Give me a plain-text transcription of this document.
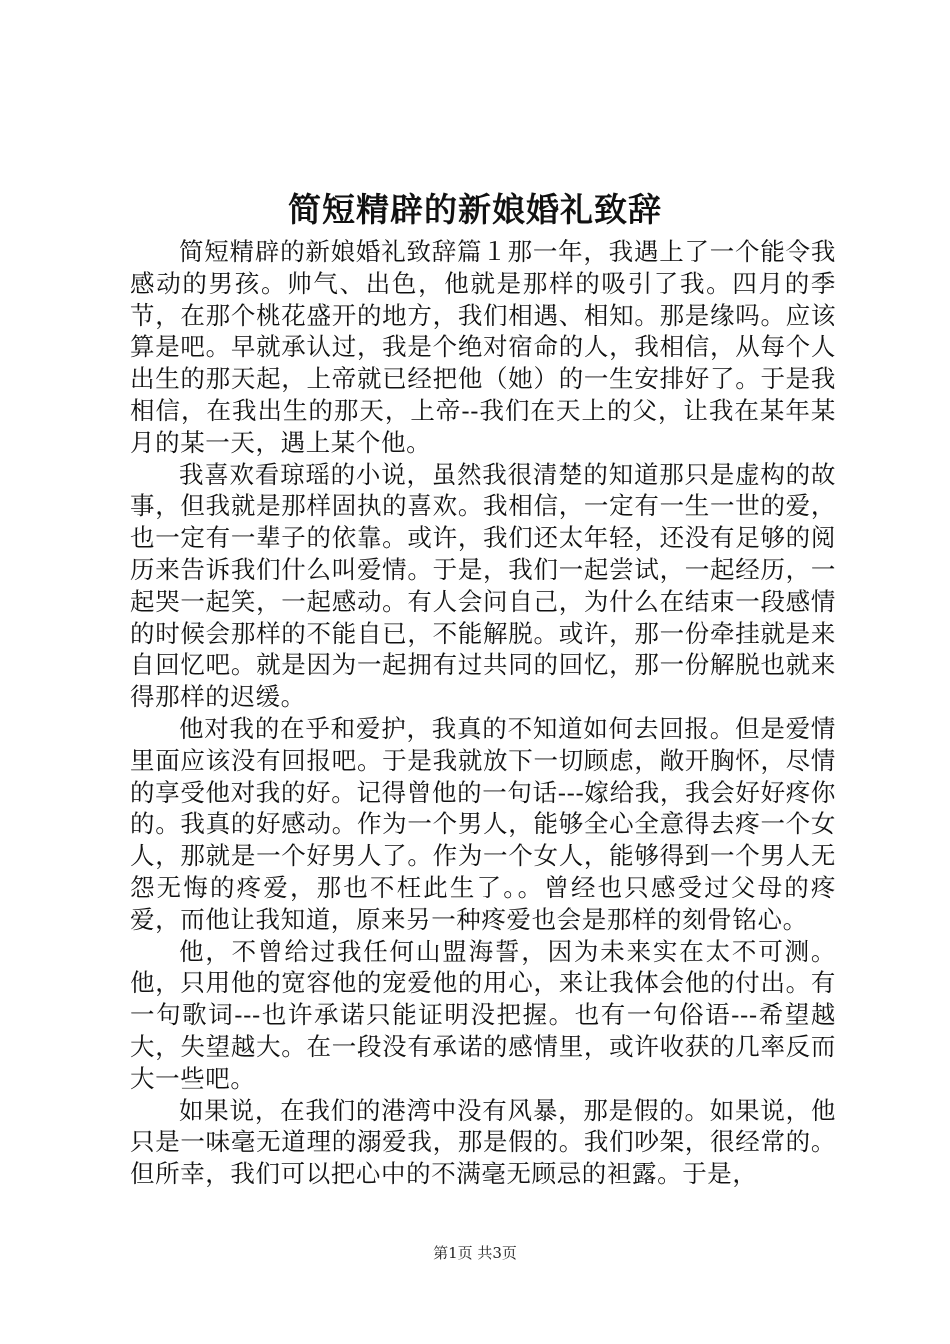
简短精辟的新娘婚礼致辞

简短精辟的新娘婚礼致辞篇１那一年，我遇上了一个能令我感动的男孩。帅气、出色，他就是那样的吸引了我。四月的季节，在那个桃花盛开的地方，我们相遇、相知。那是缘吗。应该算是吧。早就承认过，我是个绝对宿命的人，我相信，从每个人出生的那天起，上帝就已经把他（她）的一生安排好了。于是我相信，在我出生的那天，上帝--我们在天上的父，让我在某年某月的某一天，遇上某个他。

我喜欢看琼瑶的小说，虽然我很清楚的知道那只是虚构的故事，但我就是那样固执的喜欢。我相信，一定有一生一世的爱，也一定有一辈子的依靠。或许，我们还太年轻，还没有足够的阅历来告诉我们什么叫爱情。于是，我们一起尝试，一起经历，一起哭一起笑，一起感动。有人会问自己，为什么在结束一段感情的时候会那样的不能自已，不能解脱。或许，那一份牵挂就是来自回忆吧。就是因为一起拥有过共同的回忆，那一份解脱也就来得那样的迟缓。

他对我的在乎和爱护，我真的不知道如何去回报。但是爱情里面应该没有回报吧。于是我就放下一切顾虑，敞开胸怀，尽情的享受他对我的好。记得曾他的一句话---嫁给我，我会好好疼你的。我真的好感动。作为一个男人，能够全心全意得去疼一个女人，那就是一个好男人了。作为一个女人，能够得到一个男人无怨无悔的疼爱，那也不枉此生了。。曾经也只感受过父母的疼爱，而他让我知道，原来另一种疼爱也会是那样的刻骨铭心。

他，不曾给过我任何山盟海誓，因为未来实在太不可测。他，只用他的宽容他的宠爱他的用心，来让我体会他的付出。有一句歌词---也许承诺只能证明没把握。也有一句俗语---希望越大，失望越大。在一段没有承诺的感情里，或许收获的几率反而大一些吧。

如果说，在我们的港湾中没有风暴，那是假的。如果说，他只是一味毫无道理的溺爱我，那是假的。我们吵架，很经常的。但所幸，我们可以把心中的不满毫无顾忌的袒露。于是，

第1页 共3页
